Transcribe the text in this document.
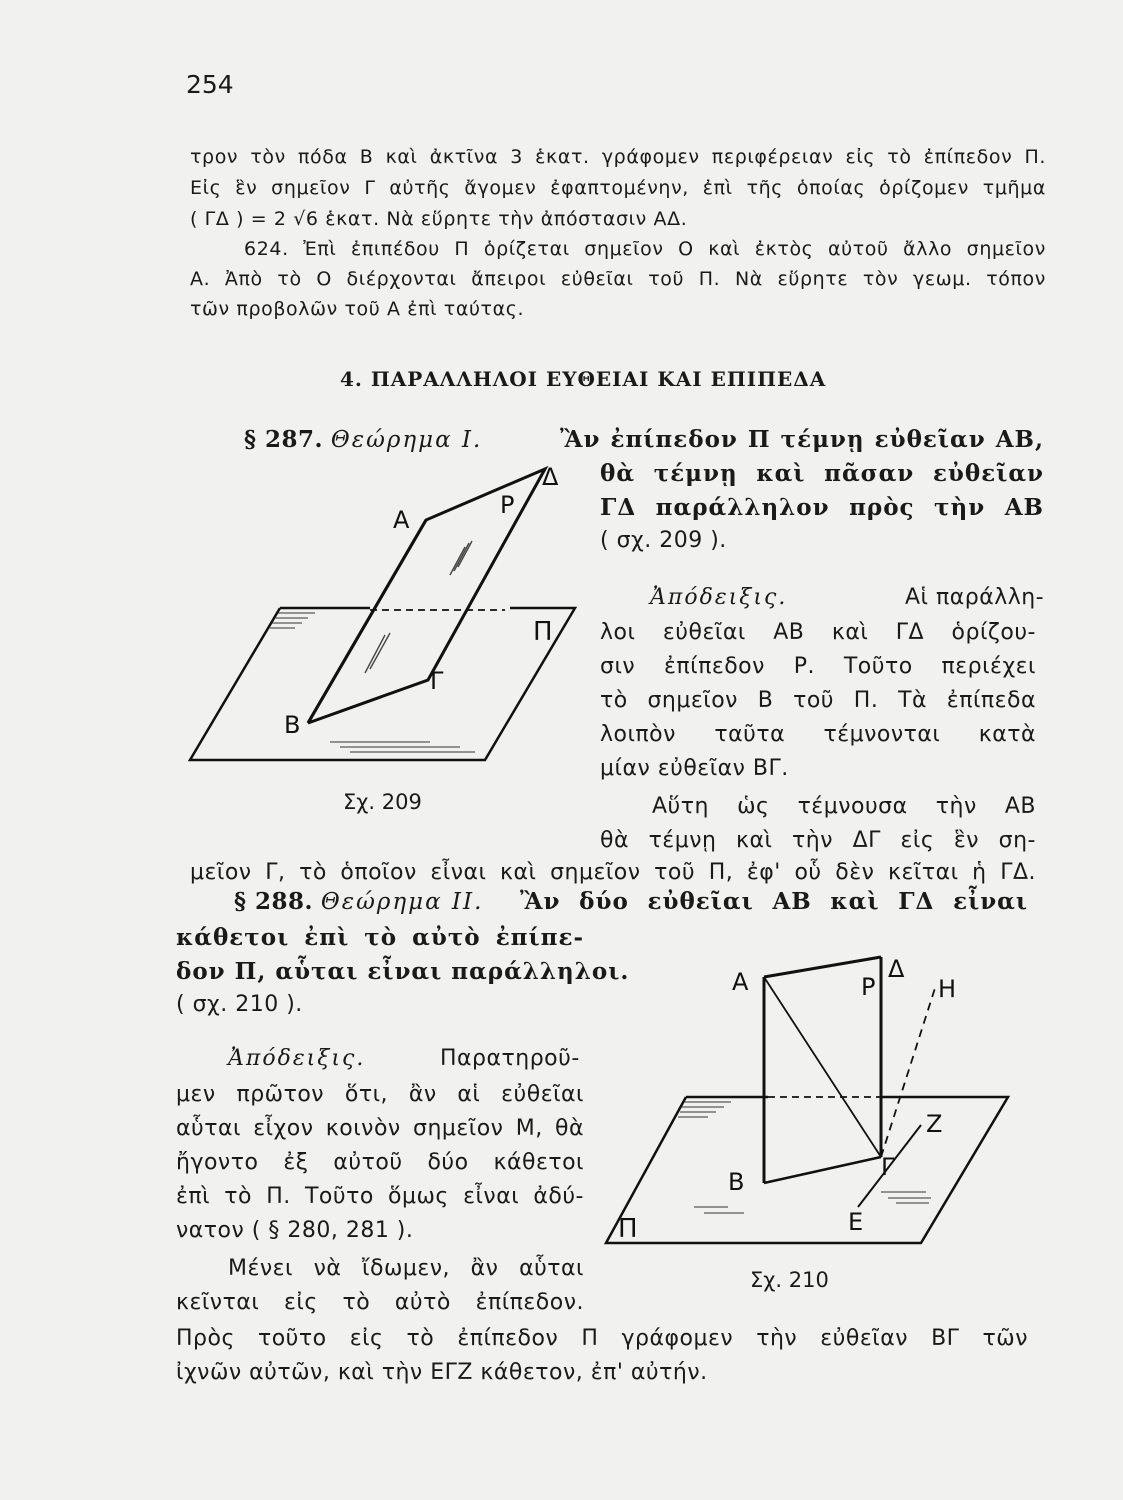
254
τρον τὸν πόδα Β καὶ ἀκτῖνα 3 ἑκατ. γράφομεν περιφέρειαν εἰς τὸ ἐπίπεδον Π.
Εἰς ἓν σημεῖον Γ αὐτῆς ἄγομεν ἐφαπτομένην, ἐπὶ τῆς ὁποίας ὁρίζομεν τμῆμα
( ΓΔ ) = 2 √6 ἑκατ. Νὰ εὕρητε τὴν ἀπόστασιν ΑΔ.
624. Ἐπὶ ἐπιπέδου Π ὁρίζεται σημεῖον Ο καὶ ἐκτὸς αὐτοῦ ἄλλο σημεῖον
Α. Ἀπὸ τὸ Ο διέρχονται ἄπειροι εὐθεῖαι τοῦ Π. Νὰ εὕρητε τὸν γεωμ. τόπον
τῶν προβολῶν τοῦ Α ἐπὶ ταύτας.
4. ΠΑΡΑΛΛΗΛΟΙ ΕΥΘΕΙΑΙ ΚΑΙ ΕΠΙΠΕΔΑ
§ 287. Θεώρημα Ι.	Ἂν ἐπίπεδον Π τέμνῃ εὐθεῖαν ΑΒ,
θὰ τέμνῃ καὶ πᾶσαν εὐθεῖαν
ΓΔ παράλληλον πρὸς τὴν ΑΒ
( σχ. 209 ).
Ἀπόδειξις.	Αἱ παράλλη-
λοι εὐθεῖαι ΑΒ καὶ ΓΔ ὁρίζου-
σιν ἐπίπεδον Ρ. Τοῦτο περιέχει
τὸ σημεῖον Β τοῦ Π. Τὰ ἐπίπεδα
λοιπὸν ταῦτα τέμνονται κατὰ
μίαν εὐθεῖαν ΒΓ.
Αὕτη ὡς τέμνουσα τὴν ΑΒ
θὰ τέμνῃ καὶ τὴν ΔΓ εἰς ἓν ση-
μεῖον Γ, τὸ ὁποῖον εἶναι καὶ σημεῖον τοῦ Π, ἐφ' οὗ δὲν κεῖται ἡ ΓΔ.
Α
Ρ
Δ
Π
Γ
Β
Σχ. 209
§ 288. Θεώρημα ΙΙ. Ἂν δύο εὐθεῖαι ΑΒ καὶ ΓΔ εἶναι
κάθετοι ἐπὶ τὸ αὐτὸ ἐπίπε-
δον Π, αὗται εἶναι παράλληλοι.
( σχ. 210 ).
Ἀπόδειξις.	Παρατηροῦ-
μεν πρῶτον ὅτι, ἂν αἱ εὐθεῖαι
αὗται εἶχον κοινὸν σημεῖον Μ, θὰ
ἤγοντο ἐξ αὐτοῦ δύο κάθετοι
ἐπὶ τὸ Π. Τοῦτο ὅμως εἶναι ἀδύ-
νατον ( § 280, 281 ).
Μένει νὰ ἴδωμεν, ἂν αὗται
κεῖνται εἰς τὸ αὐτὸ ἐπίπεδον.
Πρὸς τοῦτο εἰς τὸ ἐπίπεδον Π γράφομεν τὴν εὐθεῖαν ΒΓ τῶν
ἰχνῶν αὐτῶν, καὶ τὴν ΕΓΖ κάθετον, ἐπ' αὐτήν.
Α	Ρ
Δ
Η
Ζ
Γ
Β
Ε
Π
Σχ. 210
